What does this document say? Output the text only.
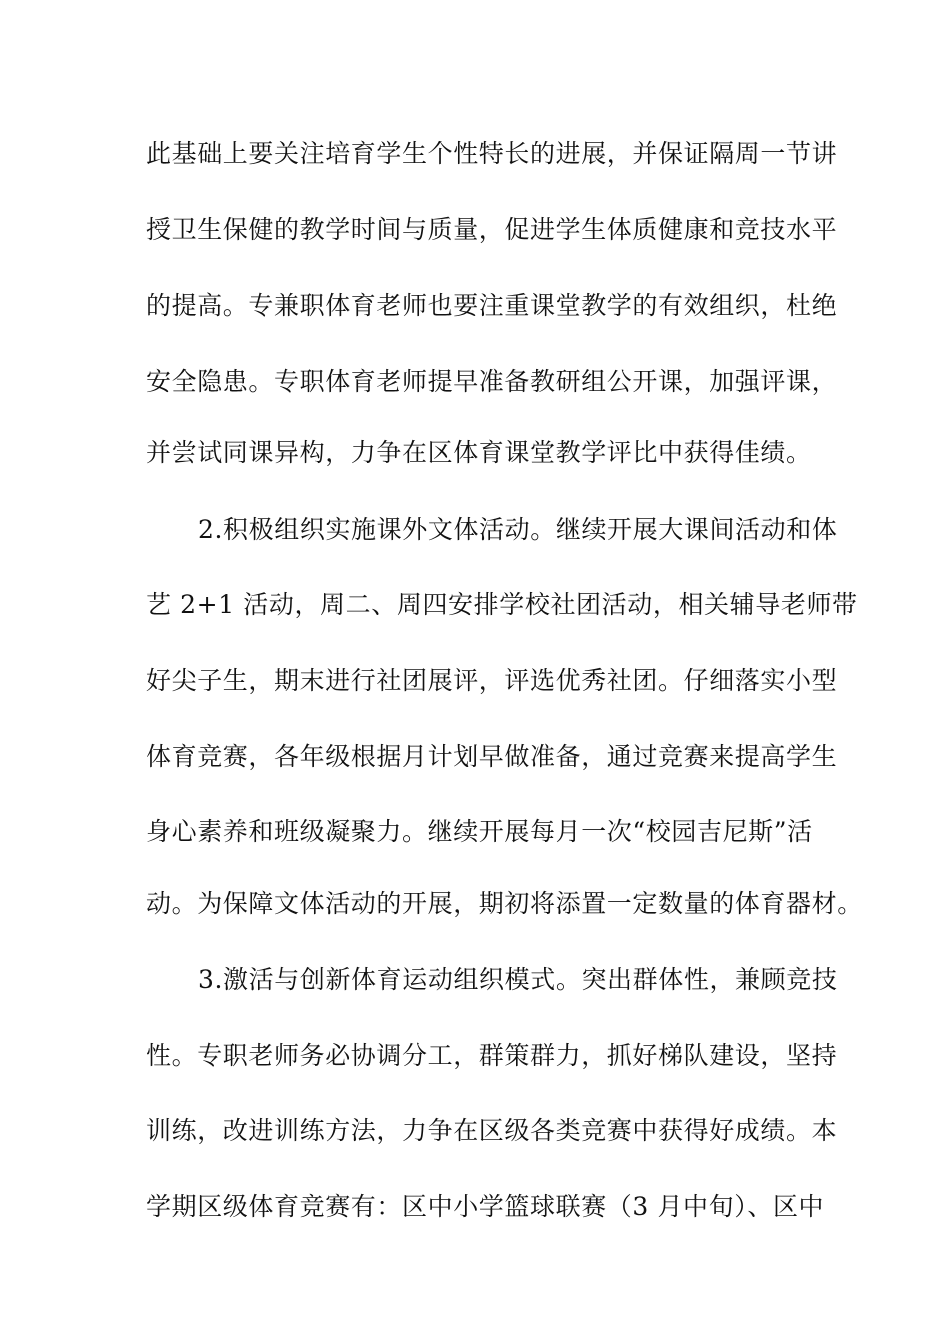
此基础上要关注培育学生个性特长的进展，并保证隔周一节讲
授卫生保健的教学时间与质量，促进学生体质健康和竞技水平
的提高。专兼职体育老师也要注重课堂教学的有效组织，杜绝
安全隐患。专职体育老师提早准备教研组公开课，加强评课，
并尝试同课异构，力争在区体育课堂教学评比中获得佳绩。
2.积极组织实施课外文体活动。继续开展大课间活动和体
艺 2+1 活动，周二、周四安排学校社团活动，相关辅导老师带
好尖子生，期末进行社团展评，评选优秀社团。仔细落实小型
体育竞赛，各年级根据月计划早做准备，通过竞赛来提高学生
身心素养和班级凝聚力。继续开展每月一次“校园吉尼斯”活
动。为保障文体活动的开展，期初将添置一定数量的体育器材。
3.激活与创新体育运动组织模式。突出群体性，兼顾竞技
性。专职老师务必协调分工，群策群力，抓好梯队建设，坚持
训练，改进训练方法，力争在区级各类竞赛中获得好成绩。本
学期区级体育竞赛有：区中小学篮球联赛（3 月中旬）、区中
